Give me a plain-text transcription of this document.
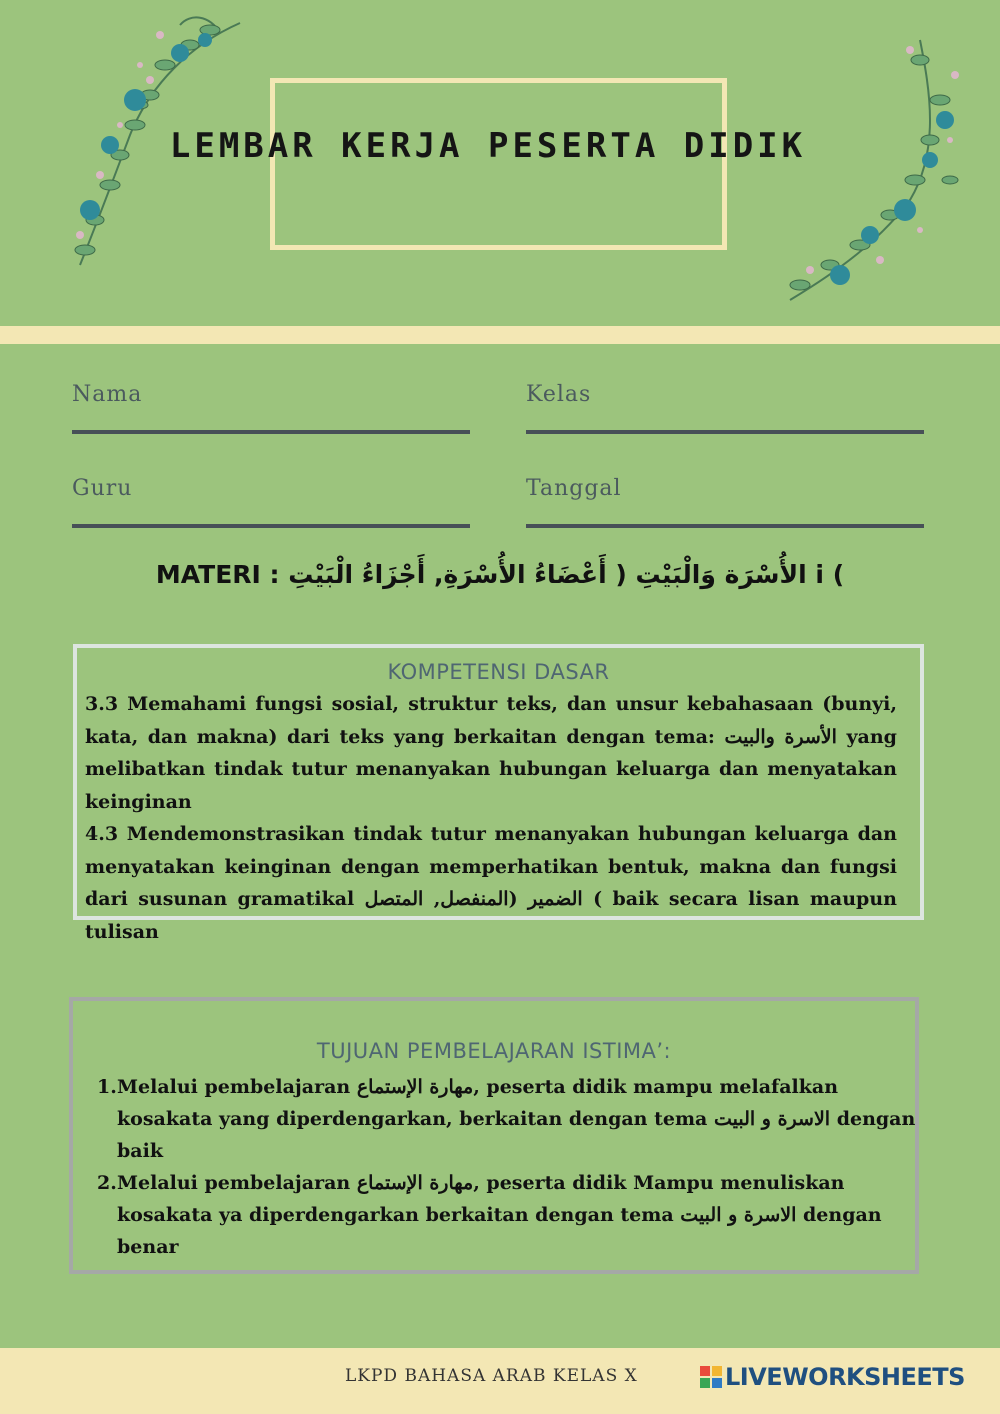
LEMBAR KERJA PESERTA DIDIK
Nama	Kelas
Guru	Tanggal
MATERI : الأُسْرَة وَالْبَيْتِ ( أَعْضَاءُ الأُسْرَةِ, أَجْزَاءُ الْبَيْتِ i (
KOMPETENSI DASAR

3.3 Memahami fungsi sosial, struktur teks, dan unsur kebahasaan (bunyi, kata, dan makna) dari teks yang berkaitan dengan tema: الأسرة والبيت yang melibatkan tindak tutur menanyakan hubungan keluarga dan menyatakan keinginan

4.3 Mendemonstrasikan tindak tutur menanyakan hubungan keluarga dan menyatakan keinginan dengan memperhatikan bentuk, makna dan fungsi dari susunan gramatikal الضمير (المنفصل, المتصل ( baik secara lisan maupun tulisan

TUJUAN PEMBELAJARAN ISTIMA’:
1. Melalui pembelajaran مهارة الإستماع, peserta didik mampu melafalkan kosakata yang diperdengarkan, berkaitan dengan tema الاسرة و البيت dengan baik
2. Melalui pembelajaran مهارة الإستماع, peserta didik Mampu menuliskan kosakata ya diperdengarkan berkaitan dengan tema الاسرة و البيت dengan benar
LKPD BAHASA ARAB KELAS X	LIVEWORKSHEETS
